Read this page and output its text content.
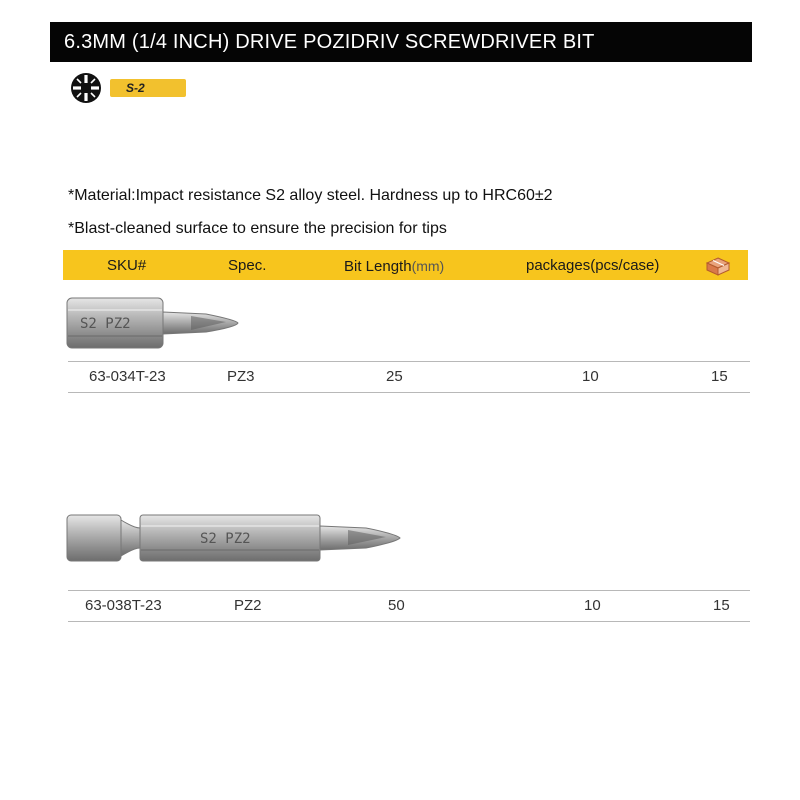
6.3MM (1/4 INCH) DRIVE POZIDRIV SCREWDRIVER BIT
S-2
*Material:Impact resistance S2 alloy steel. Hardness up to HRC60±2
*Blast-cleaned surface to ensure the precision for tips
SKU#	Spec.	Bit Length(mm)	packages(pcs/case)
S2 PZ2
63-034T-23	PZ3	25	10	15
S2 PZ2
63-038T-23	PZ2	50	10	15
